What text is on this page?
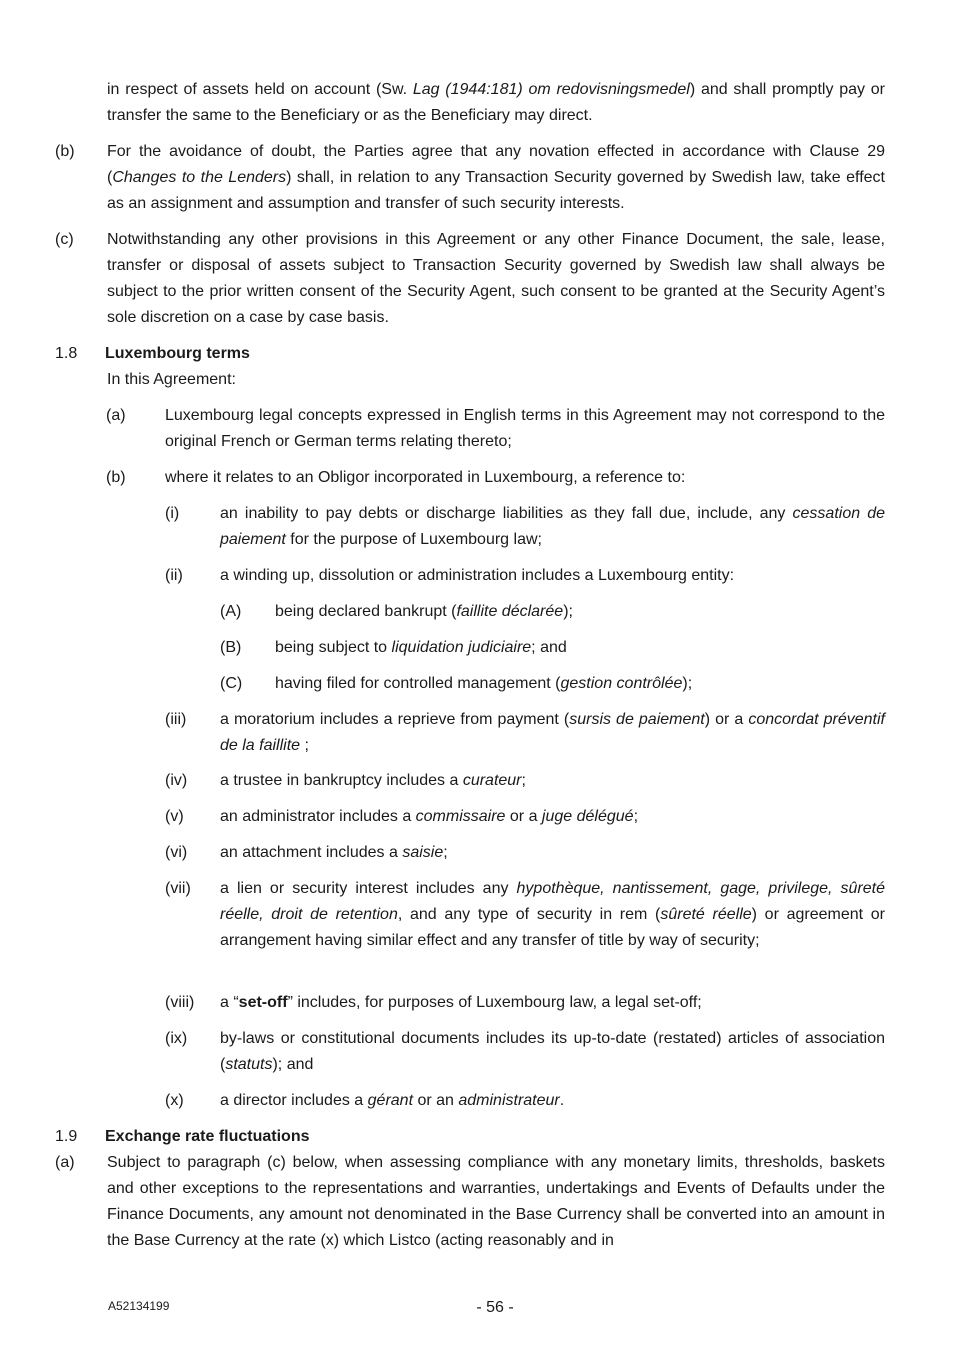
in respect of assets held on account (Sw. Lag (1944:181) om redovisningsmedel) and shall promptly pay or transfer the same to the Beneficiary or as the Beneficiary may direct.

(b) For the avoidance of doubt, the Parties agree that any novation effected in accordance with Clause 29 (Changes to the Lenders) shall, in relation to any Transaction Security governed by Swedish law, take effect as an assignment and assumption and transfer of such security interests.

(c) Notwithstanding any other provisions in this Agreement or any other Finance Document, the sale, lease, transfer or disposal of assets subject to Transaction Security governed by Swedish law shall always be subject to the prior written consent of the Security Agent, such consent to be granted at the Security Agent’s sole discretion on a case by case basis.

1.8 Luxembourg terms

In this Agreement:

(a) Luxembourg legal concepts expressed in English terms in this Agreement may not correspond to the original French or German terms relating thereto;

(b) where it relates to an Obligor incorporated in Luxembourg, a reference to:

(i)	an inability to pay debts or discharge liabilities as they fall due, include, any cessation de paiement for the purpose of Luxembourg law;

(ii) a winding up, dissolution or administration includes a Luxembourg entity:

(A) being declared bankrupt (faillite déclarée);

(B) being subject to liquidation judiciaire; and

(C) having filed for controlled management (gestion contrôlée);

(iii) a moratorium includes a reprieve from payment (sursis de paiement) or a concordat préventif de la faillite ;

(iv) a trustee in bankruptcy includes a curateur;

(v) an administrator includes a commissaire or a juge délégué;

(vi) an attachment includes a saisie;

(vii) a lien or security interest includes any hypothèque, nantissement, gage, privilege, sûreté réelle, droit de retention, and any type of security in rem (sûreté réelle) or agreement or arrangement having similar effect and any transfer of title by way of security;

(viii) a “set-off” includes, for purposes of Luxembourg law, a legal set-off;

(ix) by-laws or constitutional documents includes its up-to-date (restated) articles of association (statuts); and

(x) a director includes a gérant or an administrateur.

1.9 Exchange rate fluctuations
(a) Subject to paragraph (c) below, when assessing compliance with any monetary limits, thresholds, baskets and other exceptions to the representations and warranties, undertakings and Events of Defaults under the Finance Documents, any amount not denominated in the Base Currency shall be converted into an amount in the Base Currency at the rate (x) which Listco (acting reasonably and in

A52134199	- 56 -
